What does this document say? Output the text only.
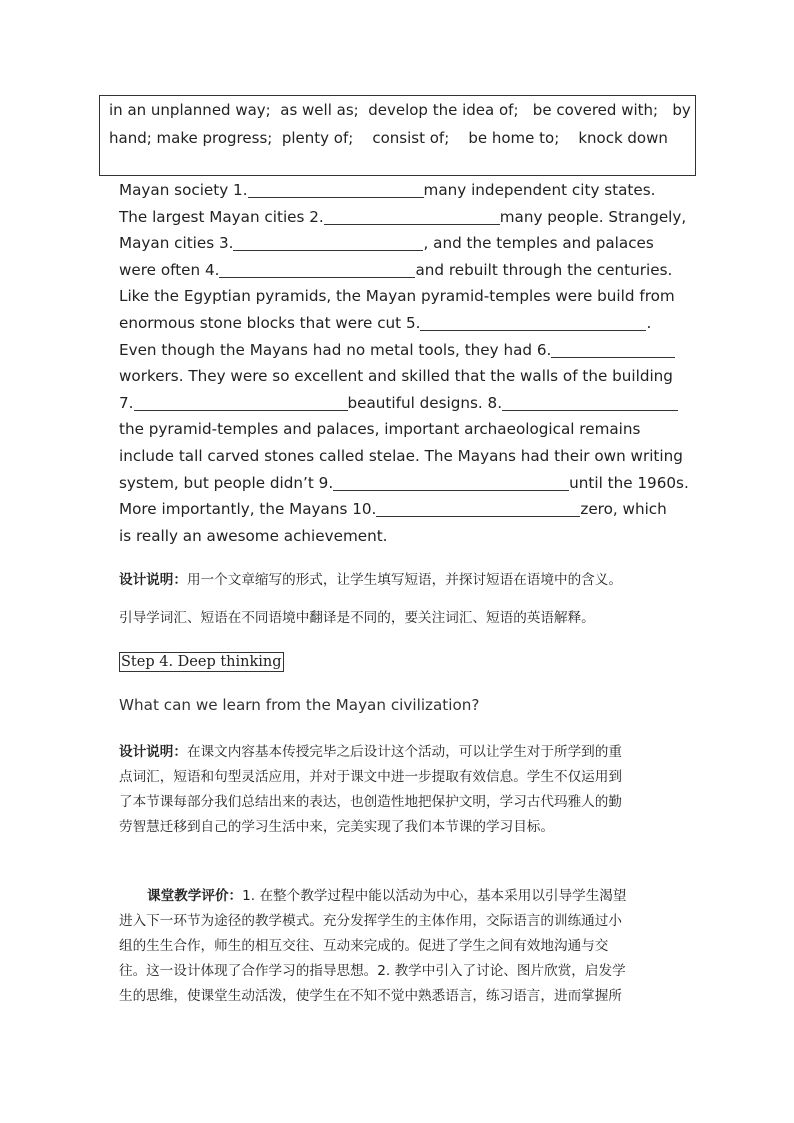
in an unplanned way;  as well as;  develop the idea of;   be covered with;   by
hand; make progress;  plenty of;    consist of;    be home to;    knock down
Mayan society 1.	many independent city states.
The largest Mayan cities 2.	many people. Strangely,
Mayan cities 3.	, and the temples and palaces
were often 4.	and rebuilt through the centuries.
Like the Egyptian pyramids, the Mayan pyramid-temples were build from
enormous stone blocks that were cut 5.	.
Even though the Mayans had no metal tools, they had 6.
workers. They were so excellent and skilled that the walls of the building
7.	beautiful designs. 8.
the pyramid-temples and palaces, important archaeological remains
include tall carved stones called stelae. The Mayans had their own writing
system, but people didn’t 9.	until the 1960s.
More importantly, the Mayans 10.	zero, which
is really an awesome achievement.
设计说明：用一个文章缩写的形式，让学生填写短语，并探讨短语在语境中的含义。
引导学词汇、短语在不同语境中翻译是不同的，要关注词汇、短语的英语解释。
Step 4. Deep thinking
What can we learn from the Mayan civilization?
设计说明：在课文内容基本传授完毕之后设计这个活动，可以让学生对于所学到的重
点词汇，短语和句型灵活应用，并对于课文中进一步提取有效信息。学生不仅运用到
了本节课每部分我们总结出来的表达，也创造性地把保护文明，学习古代玛雅人的勤
劳智慧迁移到自己的学习生活中来，完美实现了我们本节课的学习目标。
课堂教学评价：1. 在整个教学过程中能以活动为中心，基本采用以引导学生渴望
进入下一环节为途径的教学模式。充分发挥学生的主体作用，交际语言的训练通过小
组的生生合作，师生的相互交往、互动来完成的。促进了学生之间有效地沟通与交
往。这一设计体现了合作学习的指导思想。2. 教学中引入了讨论、图片欣赏，启发学
生的思维，使课堂生动活泼，使学生在不知不觉中熟悉语言，练习语言，进而掌握所
